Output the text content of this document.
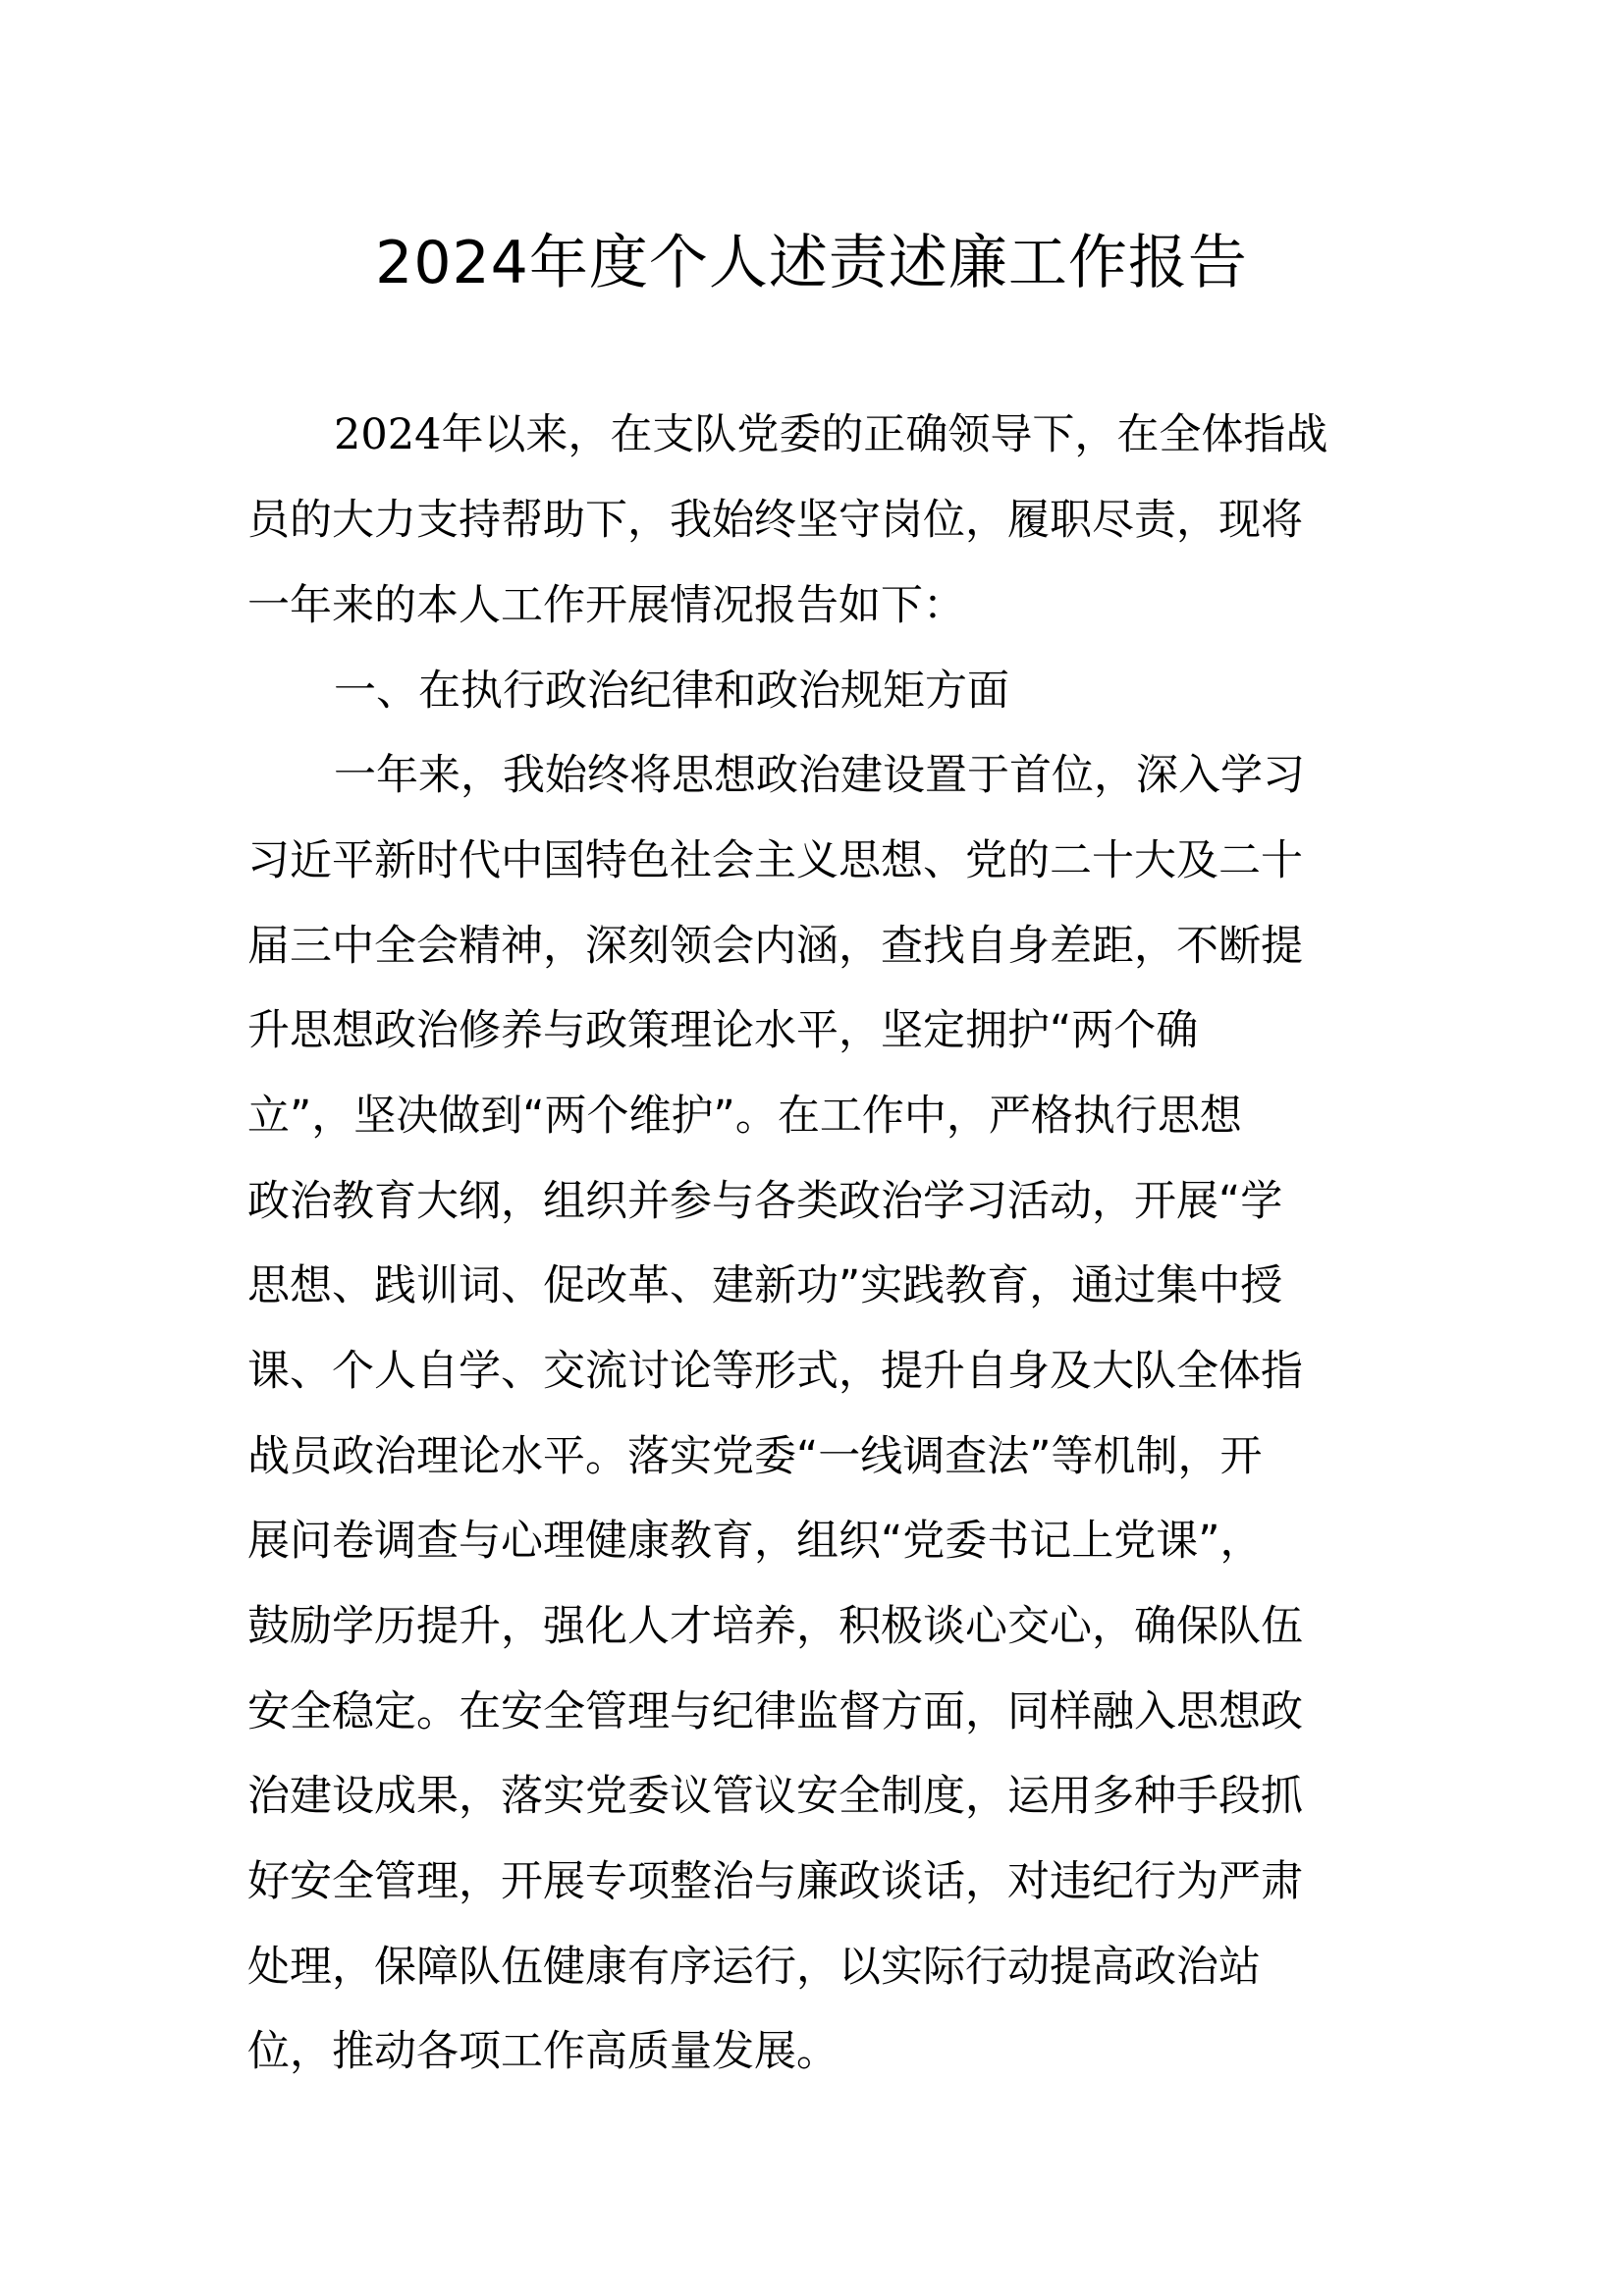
2024年度个人述责述廉工作报告
2024年以来，在支队党委的正确领导下，在全体指战
员的大力支持帮助下，我始终坚守岗位，履职尽责，现将
一年来的本人工作开展情况报告如下：
一、在执行政治纪律和政治规矩方面
一年来，我始终将思想政治建设置于首位，深入学习
习近平新时代中国特色社会主义思想、党的二十大及二十
届三中全会精神，深刻领会内涵，查找自身差距，不断提
升思想政治修养与政策理论水平，坚定拥护“两个确
立”，坚决做到“两个维护”。在工作中，严格执行思想
政治教育大纲，组织并参与各类政治学习活动，开展“学
思想、践训词、促改革、建新功”实践教育，通过集中授
课、个人自学、交流讨论等形式，提升自身及大队全体指
战员政治理论水平。落实党委“一线调查法”等机制，开
展问卷调查与心理健康教育，组织“党委书记上党课”，
鼓励学历提升，强化人才培养，积极谈心交心，确保队伍
安全稳定。在安全管理与纪律监督方面，同样融入思想政
治建设成果，落实党委议管议安全制度，运用多种手段抓
好安全管理，开展专项整治与廉政谈话，对违纪行为严肃
处理，保障队伍健康有序运行，以实际行动提高政治站
位，推动各项工作高质量发展。
